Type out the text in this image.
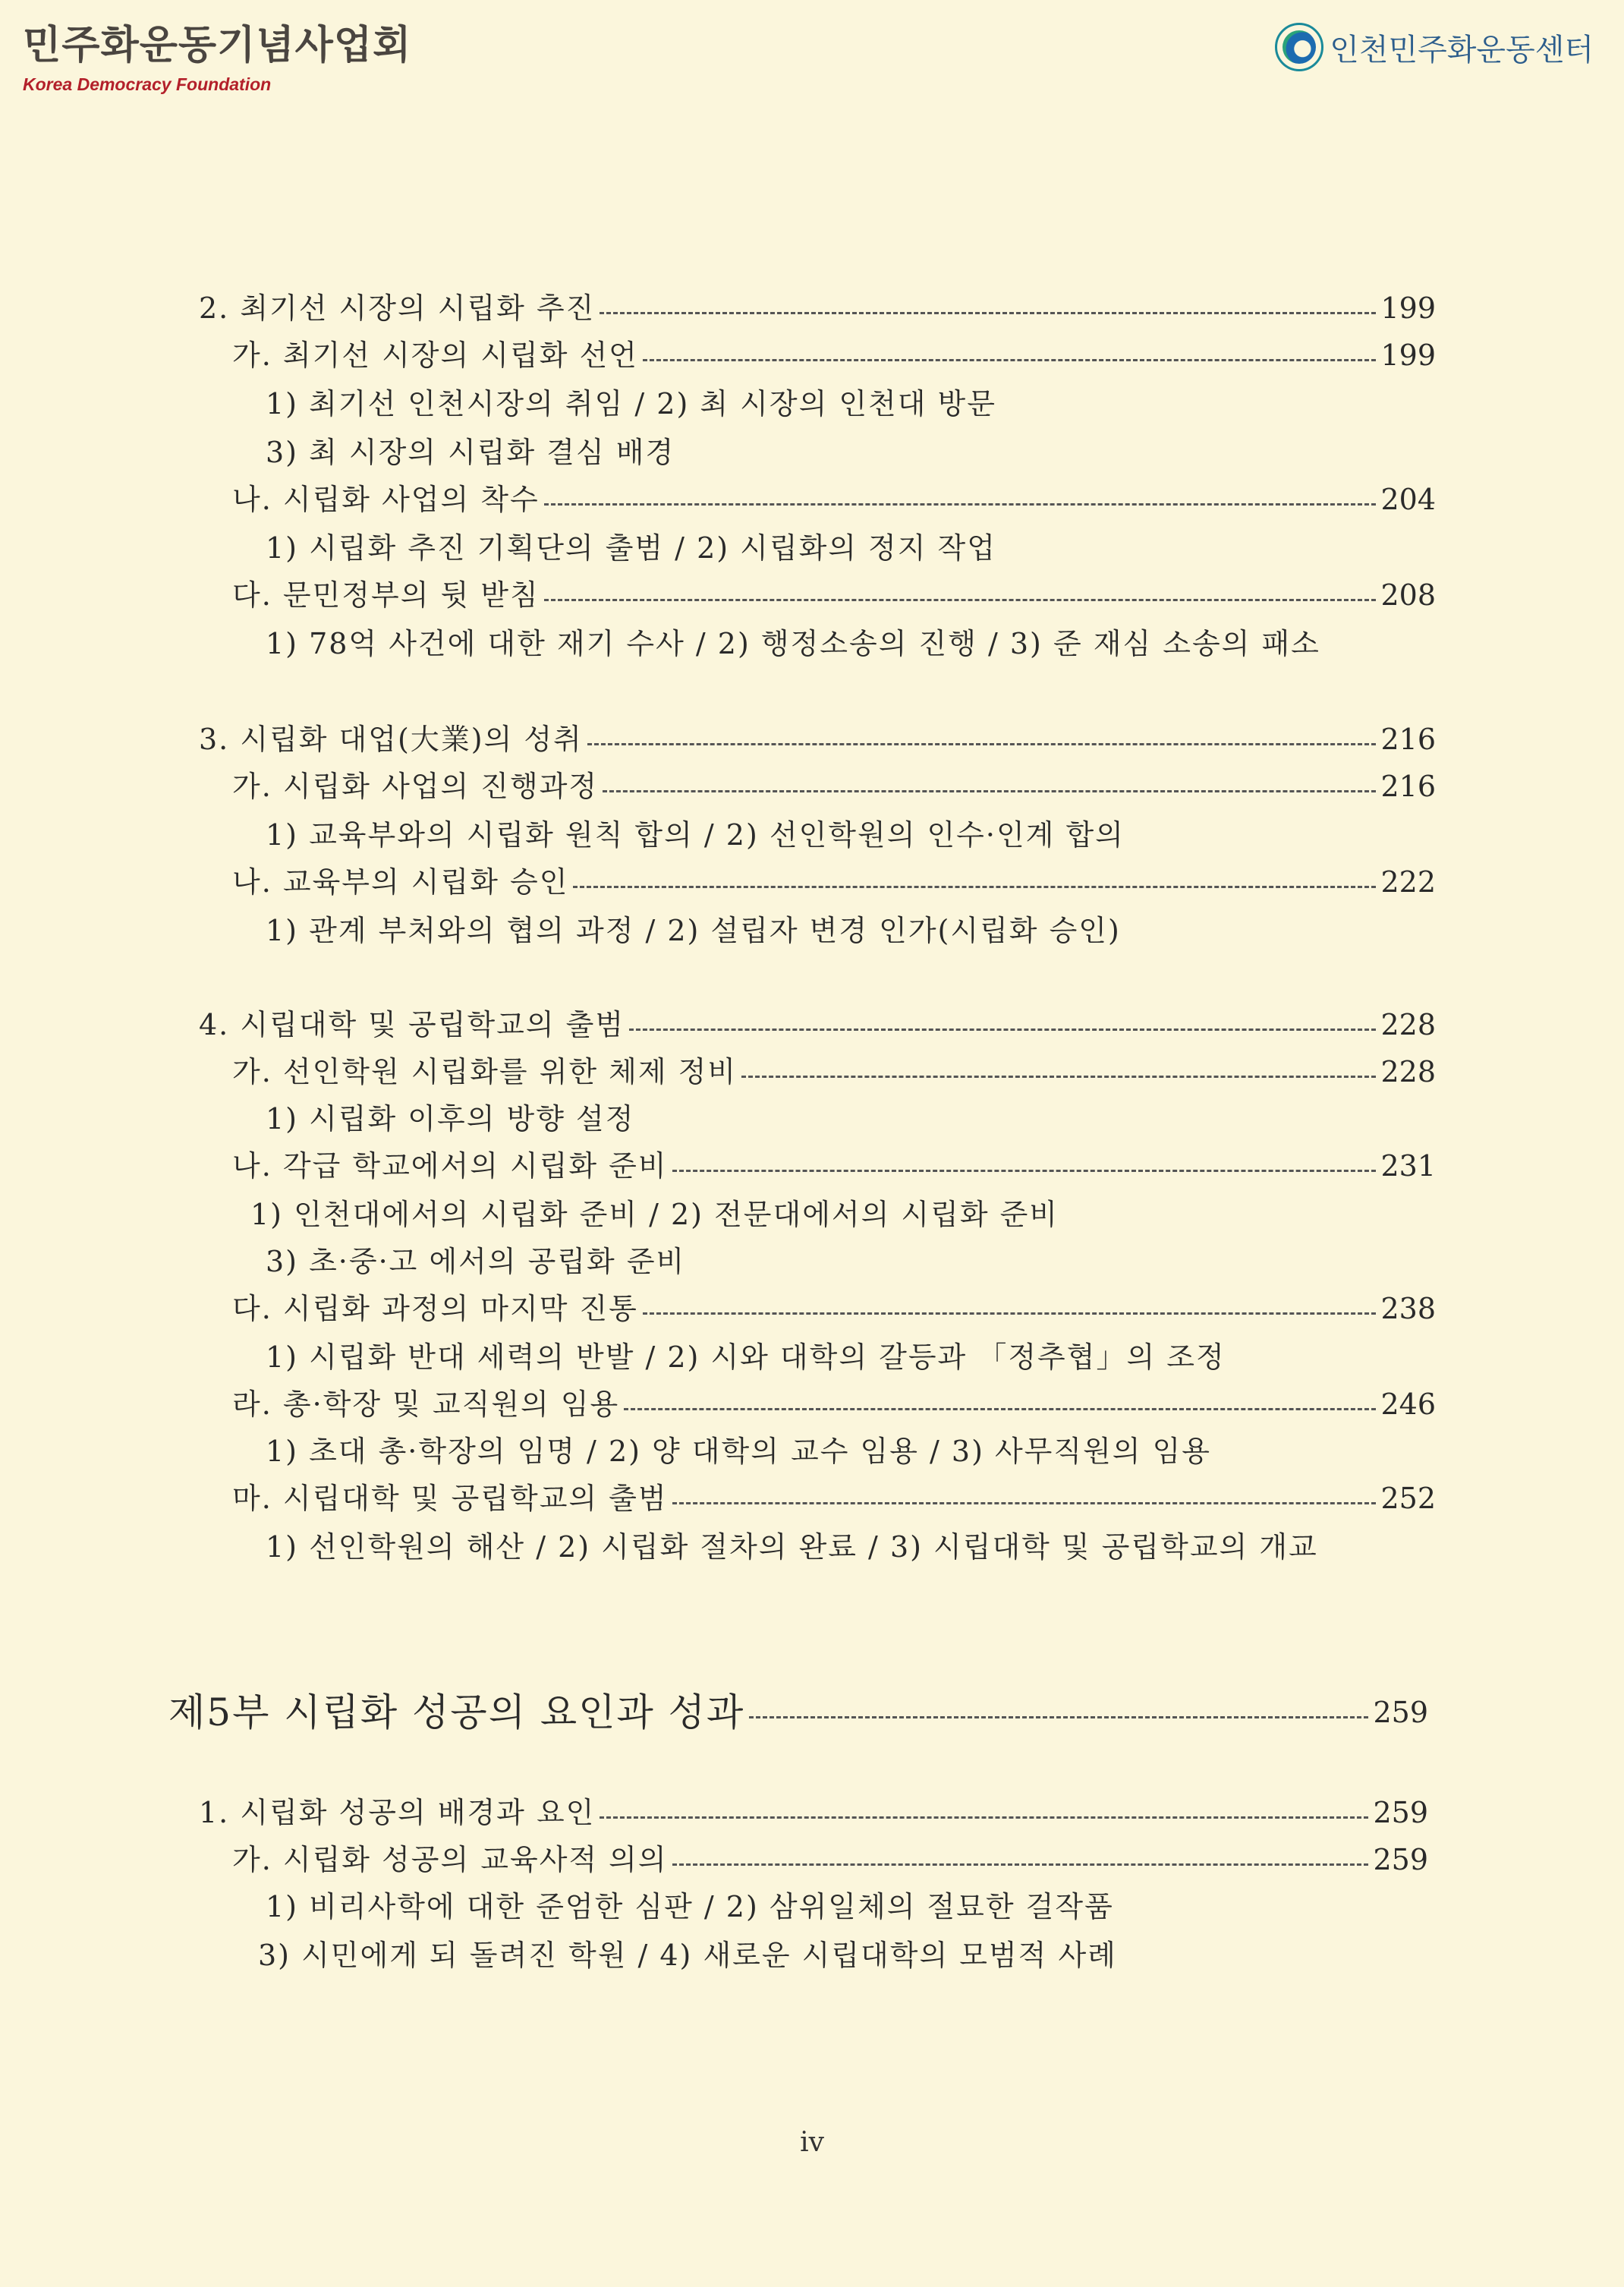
민주화운동기념사업회
Korea Democracy Foundation
인천민주화운동센터
2. 최기선 시장의 시립화 추진	199
가. 최기선 시장의 시립화 선언	199
1) 최기선 인천시장의 취임 / 2) 최 시장의 인천대 방문
3) 최 시장의 시립화 결심 배경
나. 시립화 사업의 착수	204
1) 시립화 추진 기획단의 출범 / 2) 시립화의 정지 작업
다. 문민정부의 뒷 받침	208
1) 78억 사건에 대한 재기 수사 / 2) 행정소송의 진행 / 3) 준 재심 소송의 패소
3. 시립화 대업(大業)의 성취	216
가. 시립화 사업의 진행과정	216
1) 교육부와의 시립화 원칙 합의 / 2) 선인학원의 인수·인계 합의
나. 교육부의 시립화 승인	222
1) 관계 부처와의 협의 과정 / 2) 설립자 변경 인가(시립화 승인)
4. 시립대학 및 공립학교의 출범	228
가. 선인학원 시립화를 위한 체제 정비	228
1) 시립화 이후의 방향 설정
나. 각급 학교에서의 시립화 준비	231
1) 인천대에서의 시립화 준비 / 2) 전문대에서의 시립화 준비
3) 초·중·고 에서의 공립화 준비
다. 시립화 과정의 마지막 진통	238
1) 시립화 반대 세력의 반발 / 2) 시와 대학의 갈등과 「정추협」의 조정
라. 총·학장 및 교직원의 임용	246
1) 초대 총·학장의 임명 / 2) 양 대학의 교수 임용 / 3) 사무직원의 임용
마. 시립대학 및 공립학교의 출범	252
1) 선인학원의 해산 / 2) 시립화 절차의 완료 / 3) 시립대학 및 공립학교의 개교
제5부 시립화 성공의 요인과 성과	259
1. 시립화 성공의 배경과 요인	259
가. 시립화 성공의 교육사적 의의	259
1) 비리사학에 대한 준엄한 심판 / 2) 삼위일체의 절묘한 걸작품
3) 시민에게 되 돌려진 학원 / 4) 새로운 시립대학의 모범적 사례
iv
